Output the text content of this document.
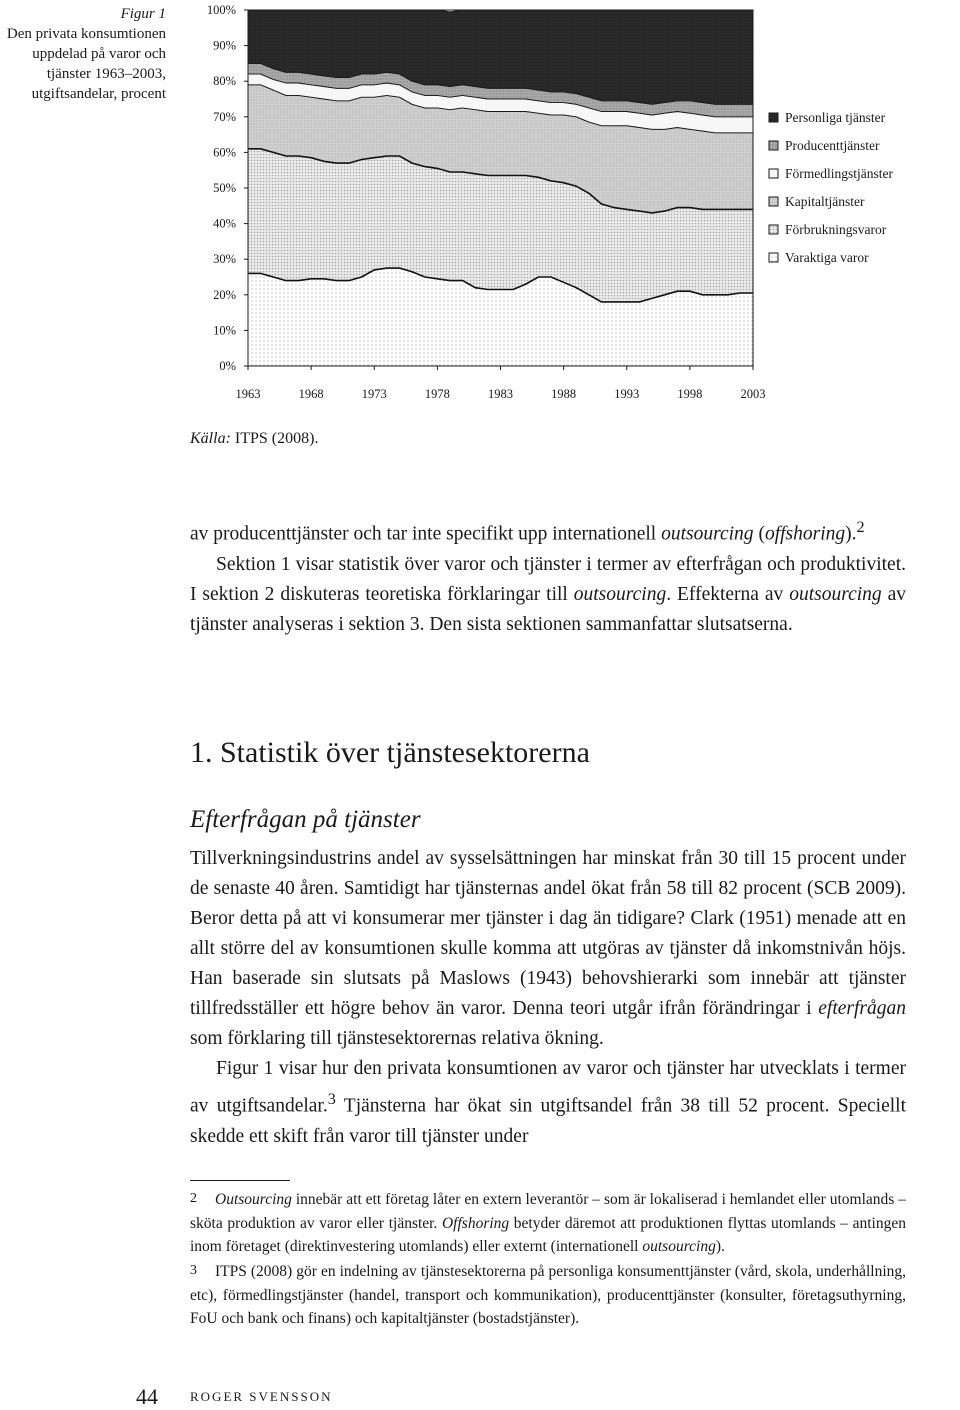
Figur 1
Den privata konsumtionen uppdelad på varor och tjänster 1963–2003, utgiftsandelar, procent
0%
10%
20%
30%
40%
50%
60%
70%
80%
90%
100%
1963	1968	1973	1978	1983	1988	1993	1998	2003
Personliga tjänster
Producenttjänster
Förmedlingstjänster
Kapitaltjänster
Förbrukningsvaror
Varaktiga varor
Källa: ITPS (2008).

av producenttjänster och tar inte specifikt upp internationell outsourcing (offshoring).$^2$

Sektion 1 visar statistik över varor och tjänster i termer av efterfrågan och produktivitet. I sektion 2 diskuteras teoretiska förklaringar till outsourcing. Effekterna av outsourcing av tjänster analyseras i sektion 3. Den sista sektionen sammanfattar slutsatserna.

1. Statistik över tjänstesektorerna
Efterfrågan på tjänster

Tillverkningsindustrins andel av sysselsättningen har minskat från 30 till 15 procent under de senaste 40 åren. Samtidigt har tjänsternas andel ökat från 58 till 82 procent (SCB 2009). Beror detta på att vi konsumerar mer tjänster i dag än tidigare? Clark (1951) menade att en allt större del av konsumtionen skulle komma att utgöras av tjänster då inkomstnivån höjs. Han baserade sin slutsats på Maslows (1943) behovshierarki som innebär att tjänster tillfredsställer ett högre behov än varor. Denna teori utgår ifrån förändringar i efterfrågan som förklaring till tjänstesektorernas relativa ökning.

Figur 1 visar hur den privata konsumtionen av varor och tjänster har utvecklats i termer av utgiftsandelar.$^3$ Tjänsterna har ökat sin utgiftsandel från 38 till 52 procent. Speciellt skedde ett skift från varor till tjänster under

$^2$ Outsourcing innebär att ett företag låter en extern leverantör – som är lokaliserad i hemlandet eller utomlands – sköta produktion av varor eller tjänster. Offshoring betyder däremot att produktionen flyttas utomlands – antingen inom företaget (direktinvestering utomlands) eller externt (internationell outsourcing).

$^3$ ITPS (2008) gör en indelning av tjänstesektorerna på personliga konsumenttjänster (vård, skola, underhållning, etc), förmedlingstjänster (handel, transport och kommunikation), producenttjänster (konsulter, företagsuthyrning, FoU och bank och finans) och kapitaltjänster (bostadstjänster).

44 ROGER SVENSSON
